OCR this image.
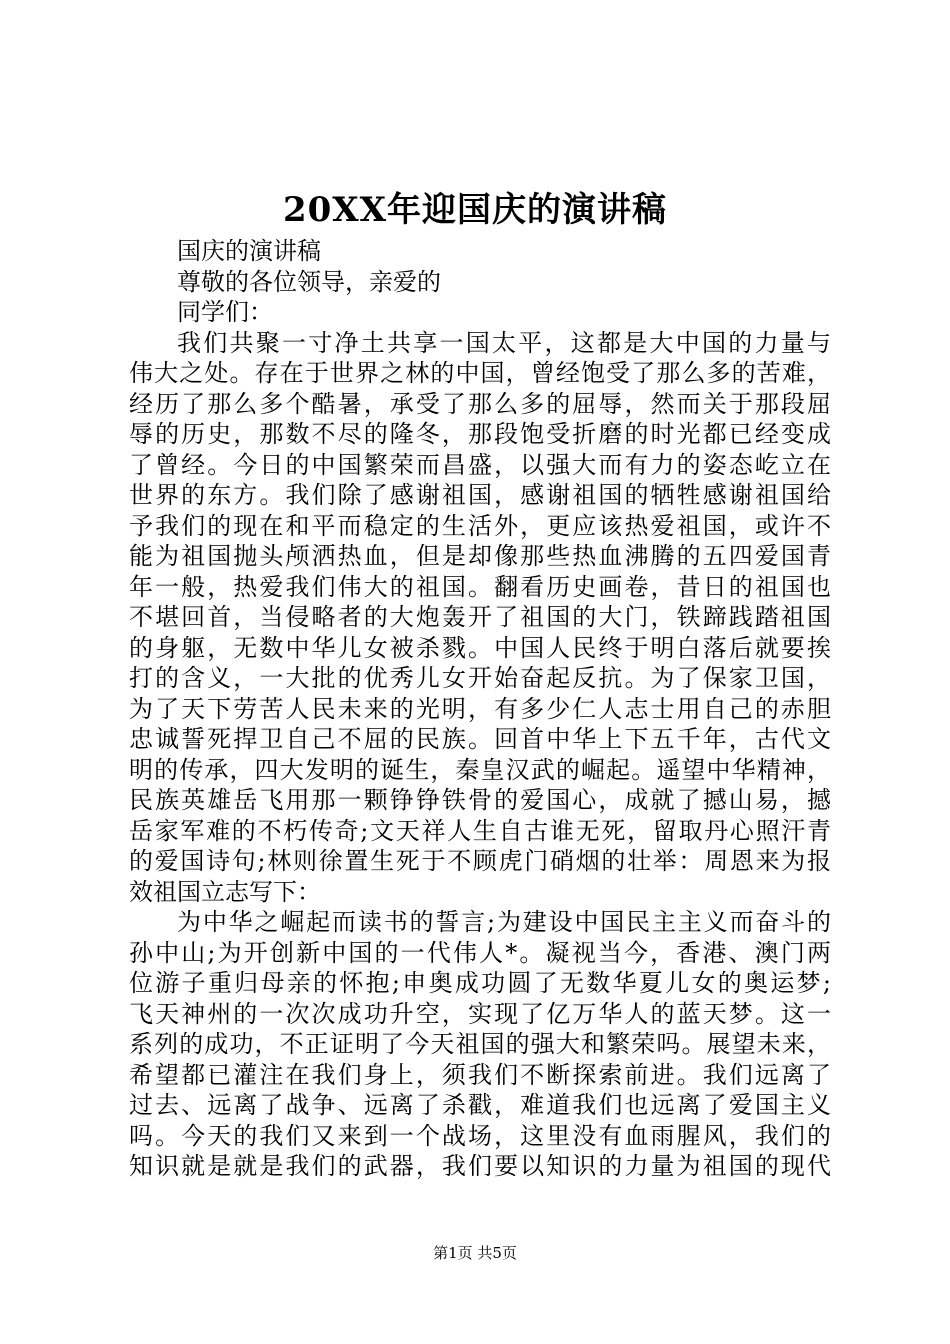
20XX年迎国庆的演讲稿
国庆的演讲稿
尊敬的各位领导，亲爱的
同学们：
我们共聚一寸净土共享一国太平，这都是大中国的力量与
伟大之处。存在于世界之林的中国，曾经饱受了那么多的苦难，
经历了那么多个酷暑，承受了那么多的屈辱，然而关于那段屈
辱的历史，那数不尽的隆冬，那段饱受折磨的时光都已经变成
了曾经。今日的中国繁荣而昌盛，以强大而有力的姿态屹立在
世界的东方。我们除了感谢祖国，感谢祖国的牺牲感谢祖国给
予我们的现在和平而稳定的生活外，更应该热爱祖国，或许不
能为祖国抛头颅洒热血，但是却像那些热血沸腾的五四爱国青
年一般，热爱我们伟大的祖国。翻看历史画卷，昔日的祖国也
不堪回首，当侵略者的大炮轰开了祖国的大门，铁蹄践踏祖国
的身躯，无数中华儿女被杀戮。中国人民终于明白落后就要挨
打的含义，一大批的优秀儿女开始奋起反抗。为了保家卫国，
为了天下劳苦人民未来的光明，有多少仁人志士用自己的赤胆
忠诚誓死捍卫自己不屈的民族。回首中华上下五千年，古代文
明的传承，四大发明的诞生，秦皇汉武的崛起。遥望中华精神，
民族英雄岳飞用那一颗铮铮铁骨的爱国心，成就了撼山易，撼
岳家军难的不朽传奇;文天祥人生自古谁无死，留取丹心照汗青
的爱国诗句;林则徐置生死于不顾虎门硝烟的壮举：周恩来为报
效祖国立志写下：
为中华之崛起而读书的誓言;为建设中国民主主义而奋斗的
孙中山;为开创新中国的一代伟人*。凝视当今，香港、澳门两
位游子重归母亲的怀抱;申奥成功圆了无数华夏儿女的奥运梦;
飞天神州的一次次成功升空，实现了亿万华人的蓝天梦。这一
系列的成功，不正证明了今天祖国的强大和繁荣吗。展望未来，
希望都已灌注在我们身上，须我们不断探索前进。我们远离了
过去、远离了战争、远离了杀戳，难道我们也远离了爱国主义
吗。今天的我们又来到一个战场，这里没有血雨腥风，我们的
知识就是就是我们的武器，我们要以知识的力量为祖国的现代
第1页 共5页
